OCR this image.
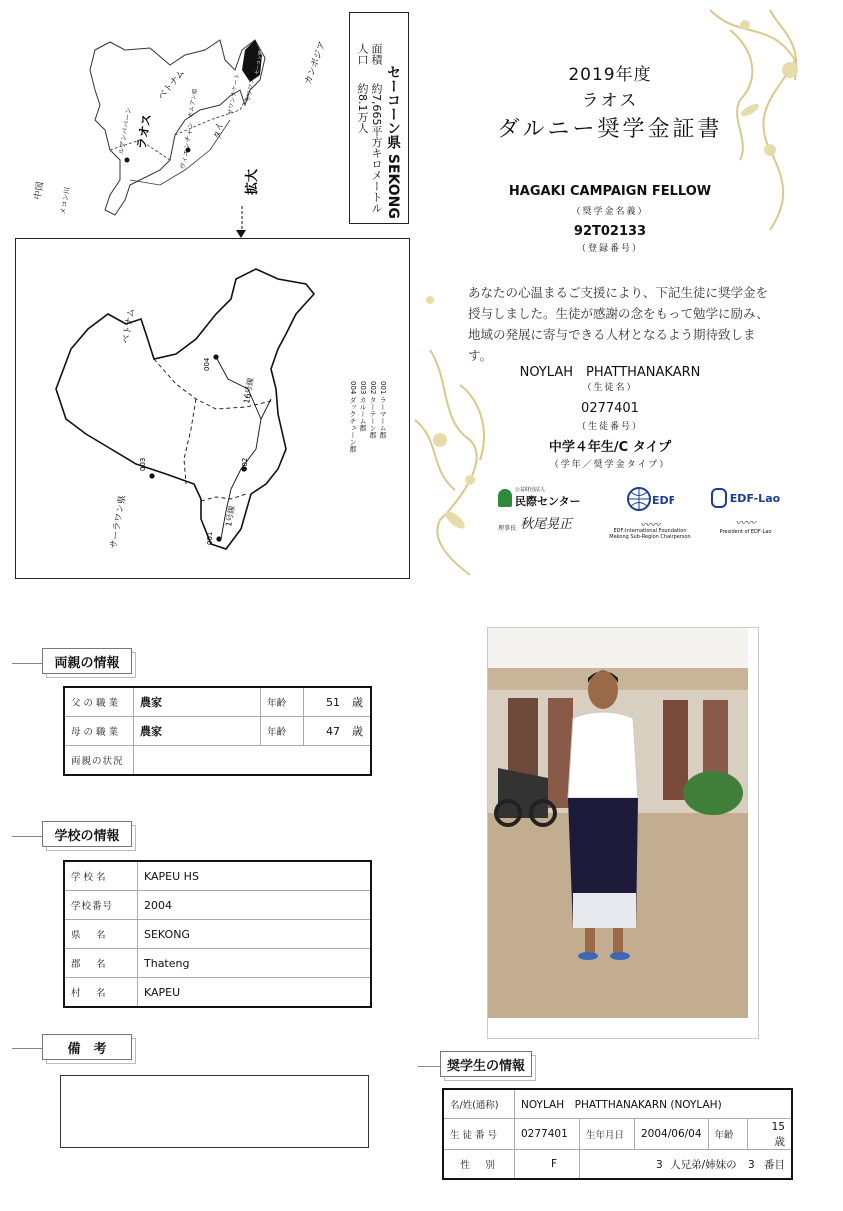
ベトナム	カンボジア
中国
ラオス	タイ
ルアンパバーン	ヴィエンチャン
メコン川
サワンナケート
カムアン県
サラワン県
セーコン県
拡大	セーコーン県 SEKONG
面積
約7,665平方キロメートル
人口
約8.1万人
ベトナム
サーラワン県
004
002
003
001
1号線
16号線	001 ラーマーム郡
002 ターテーン郡
003 カルーム郡
004 ダックチューン郡
2019年度
ラオス
ダルニー奨学金証書
HAGAKI CAMPAIGN FELLOW
（奨学金名義）
92T02133
（登録番号）
あなたの心温まるご支援により、下記生徒に奨学金を授与しました。生徒が感謝の念をもって勉学に励み、地域の発展に寄与できる人材となるよう期待致します。
NOYLAH　PHATTHANAKARN
（生徒名）
0277401
（生徒番号）
中学４年生/C タイプ
（学年／奨学金タイプ）
公益財団法人
民際センター
理事長 秋尾晃正
EDF
〰〰
EDF-International Foundation
Mekong Sub-Region Chairperson
EDF-Lao
〰〰
President of EDF-Lao
両親の情報
父の職業	農家	年齢	51	歳
母の職業	農家	年齢	47	歳
両親の状況				
学校の情報
学校名	KAPEU HS
学校番号	2004
県　名	SEKONG
郡　名	Thateng
村　名	KAPEU
備　考
奨学生の情報
名/姓(通称)	NOYLAH　PHATTHANAKARN (NOYLAH)				
生徒番号	0277401	生年月日	2004/06/04	年齢	15　歳
性　別	F	3 人兄弟/姉妹の 3 番目			
